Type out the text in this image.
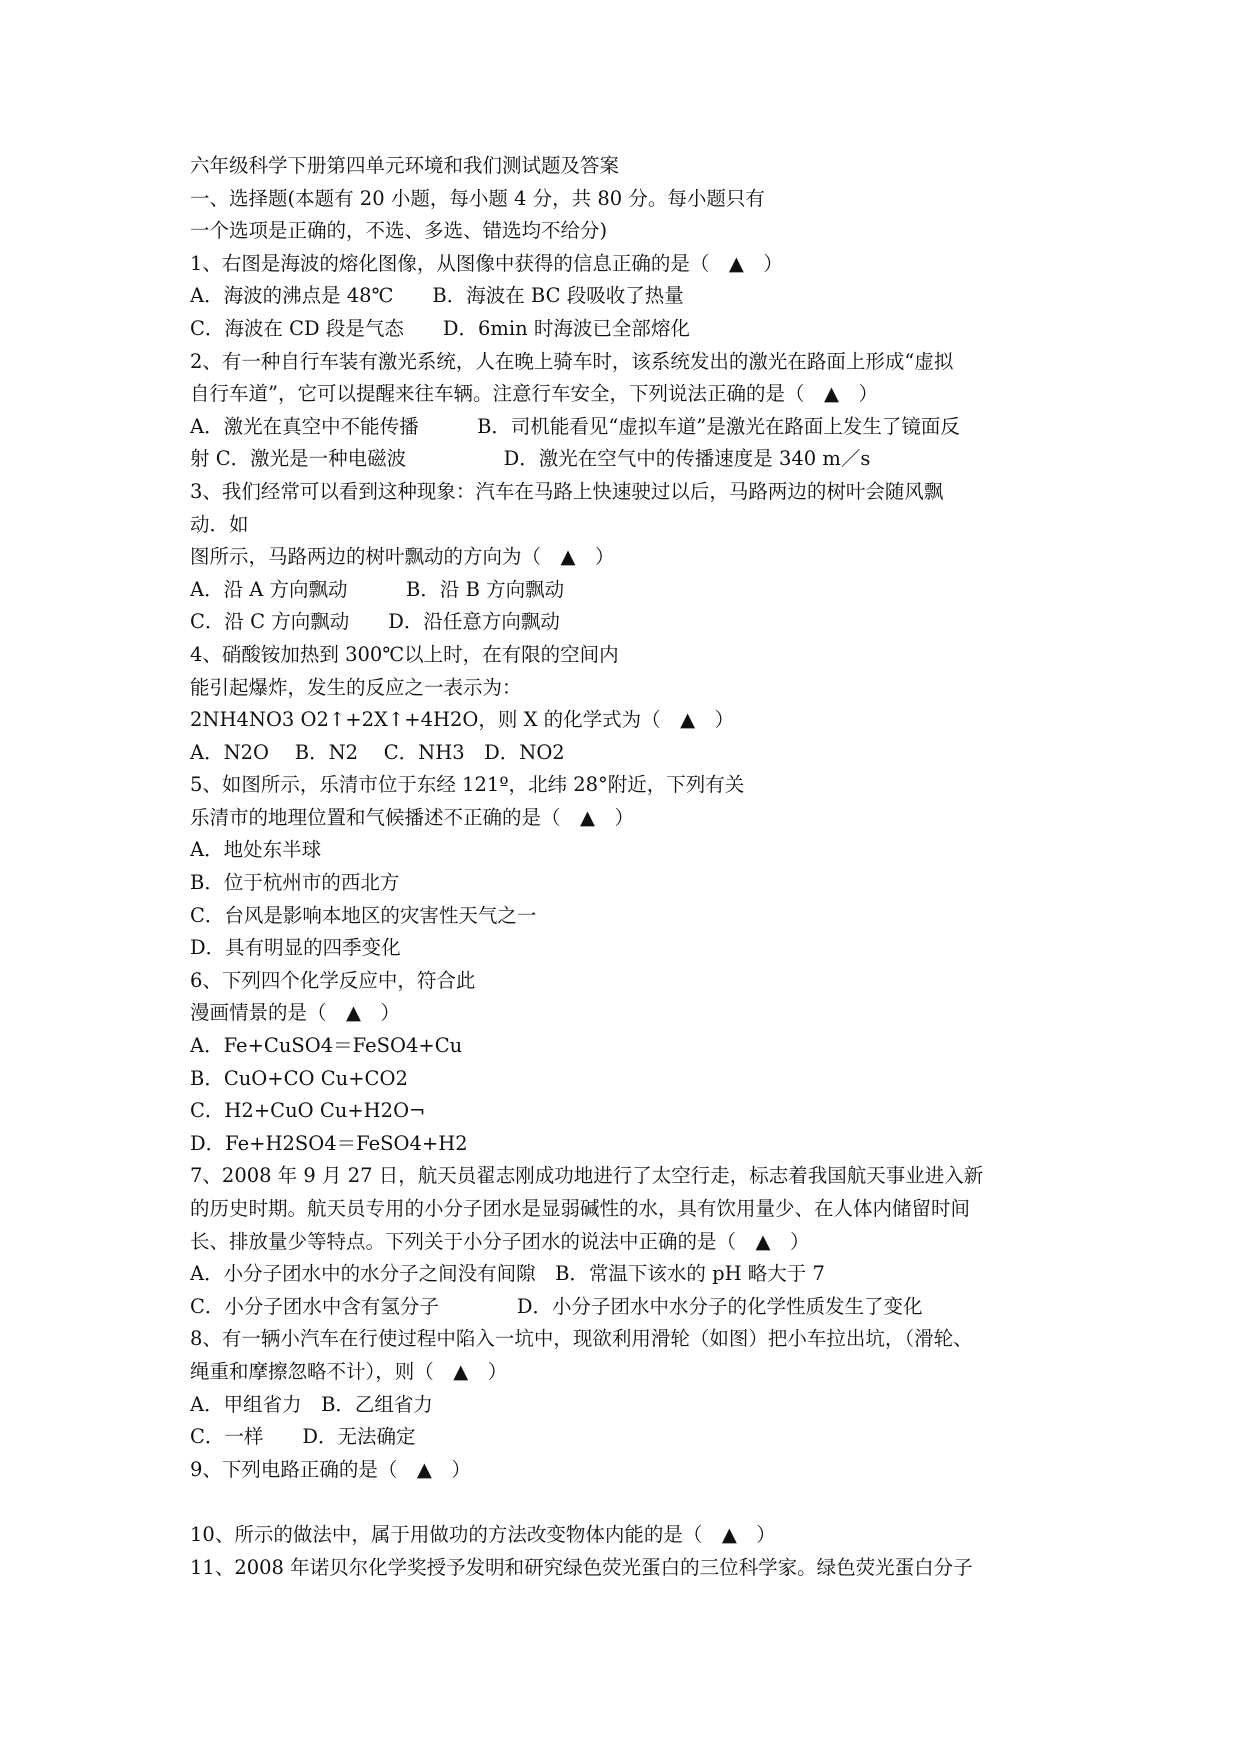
六年级科学下册第四单元环境和我们测试题及答案
一、选择题(本题有 20 小题，每小题 4 分，共 80 分。每小题只有
一个选项是正确的，不选、多选、错选均不给分)
1、右图是海波的熔化图像，从图像中获得的信息正确的是（　▲　）
A．海波的沸点是 48℃　　B．海波在 BC 段吸收了热量
C．海波在 CD 段是气态　　D．6min 时海波已全部熔化
2、有一种自行车装有激光系统，人在晚上骑车时，该系统发出的激光在路面上形成“虚拟
自行车道”，它可以提醒来往车辆。注意行车安全，下列说法正确的是（　▲　）
A．激光在真空中不能传播　　　B．司机能看见“虚拟车道”是激光在路面上发生了镜面反
射 C．激光是一种电磁波　　　　　D．激光在空气中的传播速度是 340 m／s
3、我们经常可以看到这种现象：汽车在马路上快速驶过以后，马路两边的树叶会随风飘
动．如
图所示，马路两边的树叶飘动的方向为（　▲　）
A．沿 A 方向飘动　　　B．沿 B 方向飘动
C．沿 C 方向飘动　　D．沿任意方向飘动
4、硝酸铵加热到 300℃以上时，在有限的空间内
能引起爆炸，发生的反应之一表示为：
2NH4NO3 O2↑+2X↑+4H2O，则 X 的化学式为（　▲　）
A．N2O　 B．N2　 C．NH3　D．NO2
5、如图所示，乐清市位于东经 121º，北纬 28°附近，下列有关
乐清市的地理位置和气候播述不正确的是（　▲　）
A．地处东半球
B．位于杭州市的西北方
C．台风是影响本地区的灾害性天气之一
D．具有明显的四季变化
6、下列四个化学反应中，符合此
漫画情景的是（　▲　）
A．Fe+CuSO4＝FeSO4+Cu
B．CuO+CO Cu+CO2
C．H2+CuO Cu+H2O¬
D．Fe+H2SO4＝FeSO4+H2
7、2008 年 9 月 27 日，航天员翟志刚成功地进行了太空行走，标志着我国航天事业进入新
的历史时期。航天员专用的小分子团水是显弱碱性的水，具有饮用量少、在人体内储留时间
长、排放量少等特点。下列关于小分子团水的说法中正确的是（　▲　）
A．小分子团水中的水分子之间没有间隙　B．常温下该水的 pH 略大于 7
C．小分子团水中含有氢分子　　　　D．小分子团水中水分子的化学性质发生了变化
8、有一辆小汽车在行使过程中陷入一坑中，现欲利用滑轮（如图）把小车拉出坑，（滑轮、
绳重和摩擦忽略不计），则（　▲　）
A．甲组省力　B．乙组省力
C．一样　　D．无法确定
9、下列电路正确的是（　▲　）
10、所示的做法中，属于用做功的方法改变物体内能的是（　▲　）
11、2008 年诺贝尔化学奖授予发明和研究绿色荧光蛋白的三位科学家。绿色荧光蛋白分子
